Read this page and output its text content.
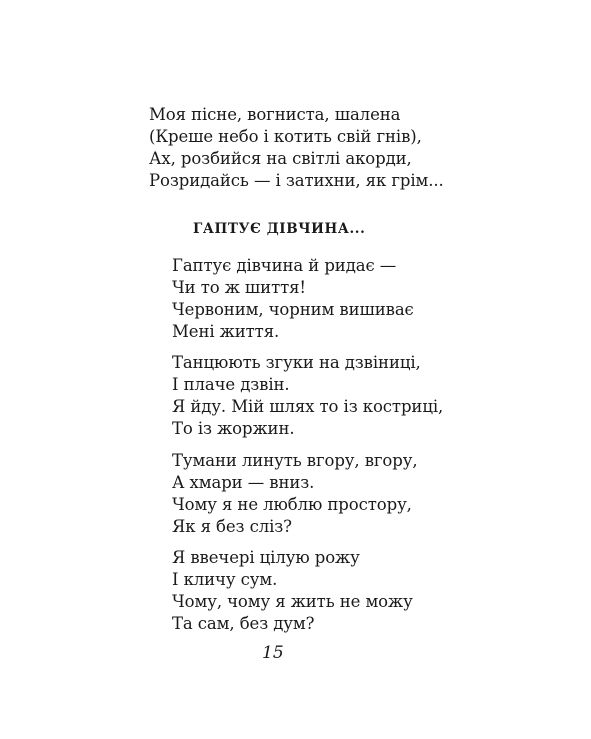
Моя пісне, вогниста, шалена
(Креше небо і котить свій гнів),
Ах, розбийся на світлі акорди,
Розридайсь — і затихни, як грім...
ГАПТУЄ ДІВЧИНА...
Гаптує дівчина й ридає —
Чи то ж шиття!
Червоним, чорним вишиває
Мені життя.
Танцюють згуки на дзвіниці,
І плаче дзвін.
Я йду. Мій шлях то із костриці,
То із жоржин.
Тумани линуть вгору, вгору,
А хмари — вниз.
Чому я не люблю простору,
Як я без сліз?
Я ввечері цілую рожу
І кличу сум.
Чому, чому я жить не можу
Та сам, без дум?
15
